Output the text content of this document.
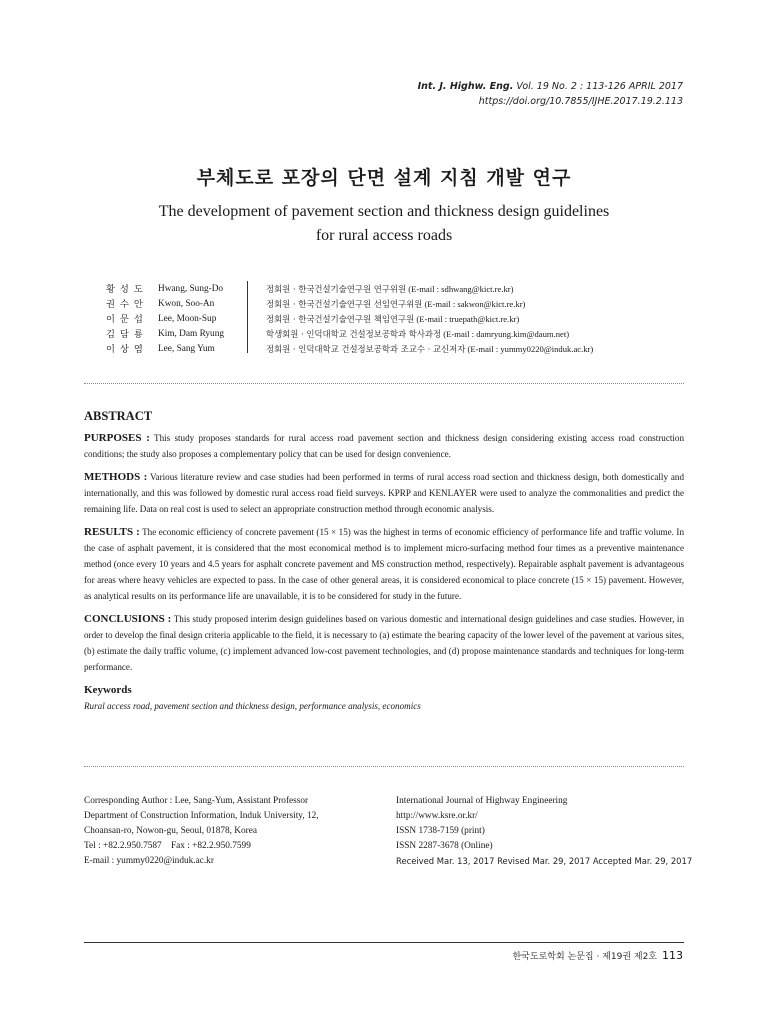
Int. J. Highw. Eng. Vol. 19 No. 2 : 113-126 APRIL 2017
https://doi.org/10.7855/IJHE.2017.19.2.113
부체도로 포장의 단면 설계 지침 개발 연구
The development of pavement section and thickness design guidelines
for rural access roads
황 성 도	Hwang, Sung-Do	정회원 · 한국건설기술연구원 연구위원 (E-mail : sdhwang@kict.re.kr)
권 수 안	Kwon, Soo-An	정회원 · 한국건설기술연구원 선임연구위원 (E-mail : sakwon@kict.re.kr)
이 문 섭	Lee, Moon-Sup	정회원 · 한국건설기술연구원 책임연구원 (E-mail : truepath@kict.re.kr)
김 담 룡	Kim, Dam Ryung	학생회원 · 인덕대학교 건설정보공학과 학사과정 (E-mail : damryung.kim@daum.net)
이 상 염	Lee, Sang Yum	정회원 · 인덕대학교 건설정보공학과 조교수 · 교신저자 (E-mail : yummy0220@induk.ac.kr)
ABSTRACT
PURPOSES : This study proposes standards for rural access road pavement section and thickness design considering existing access road construction conditions; the study also proposes a complementary policy that can be used for design convenience.
METHODS : Various literature review and case studies had been performed in terms of rural access road section and thickness design, both domestically and internationally, and this was followed by domestic rural access road field surveys. KPRP and KENLAYER were used to analyze the commonalities and predict the remaining life. Data on real cost is used to select an appropriate construction method through economic analysis.
RESULTS : The economic efficiency of concrete pavement (15 × 15) was the highest in terms of economic efficiency of performance life and traffic volume. In the case of asphalt pavement, it is considered that the most economical method is to implement micro-surfacing method four times as a preventive maintenance method (once every 10 years and 4.5 years for asphalt concrete pavement and MS construction method, respectively). Repairable asphalt pavement is advantageous for areas where heavy vehicles are expected to pass. In the case of other general areas, it is considered economical to place concrete (15 × 15) pavement. However, as analytical results on its performance life are unavailable, it is to be considered for study in the future.
CONCLUSIONS : This study proposed interim design guidelines based on various domestic and international design guidelines and case studies. However, in order to develop the final design criteria applicable to the field, it is necessary to (a) estimate the bearing capacity of the lower level of the pavement at various sites, (b) estimate the daily traffic volume, (c) implement advanced low-cost pavement technologies, and (d) propose maintenance standards and techniques for long-term performance.
Keywords
Rural access road, pavement section and thickness design, performance analysis, economics
Corresponding Author : Lee, Sang-Yum, Assistant Professor
Department of Construction Information, Induk University, 12,
Choansan-ro, Nowon-gu, Seoul, 01878, Korea
Tel : +82.2.950.7587    Fax : +82.2.950.7599
E-mail : yummy0220@induk.ac.kr
International Journal of Highway Engineering
http://www.ksre.or.kr/
ISSN 1738-7159 (print)
ISSN 2287-3678 (Online)
Received Mar. 13, 2017 Revised Mar. 29, 2017 Accepted Mar. 29, 2017
한국도로학회 논문집 · 제19권 제2호 113
